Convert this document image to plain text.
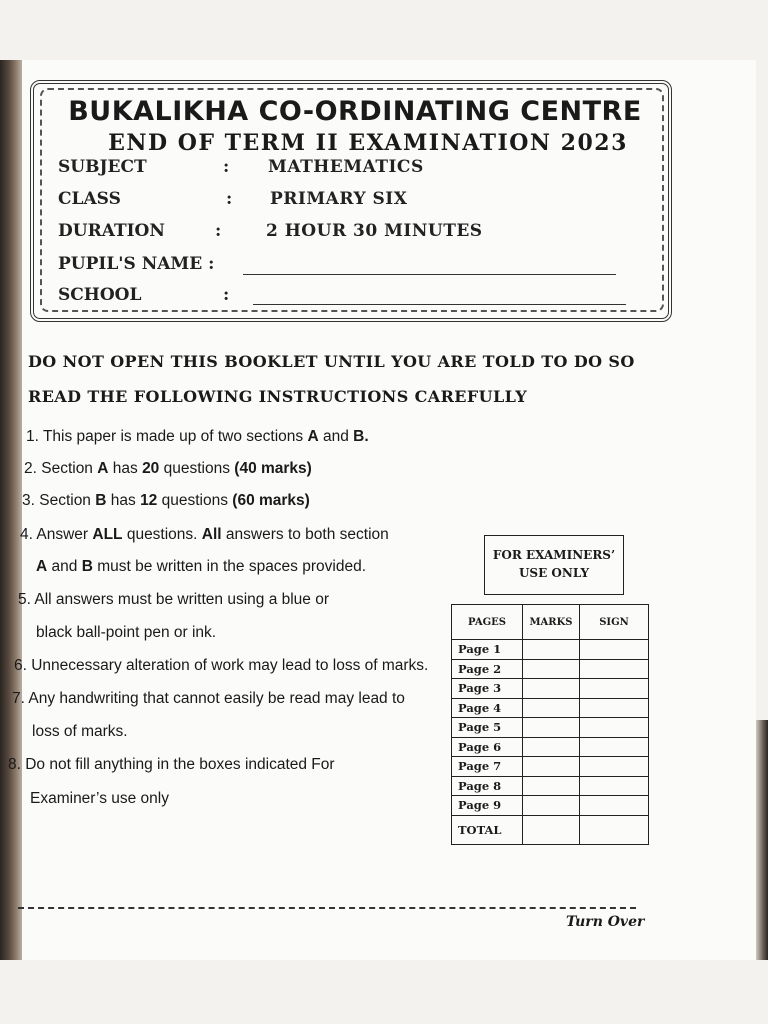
BUKALIKHA CO-ORDINATING CENTRE
END OF TERM II EXAMINATION 2023
SUBJECT	: MATHEMATICS
CLASS	: PRIMARY SIX
DURATION	:	2 HOUR 30 MINUTES
PUPIL'S NAME :
SCHOOL	:
DO NOT OPEN THIS BOOKLET UNTIL YOU ARE TOLD TO DO SO
READ THE FOLLOWING INSTRUCTIONS CAREFULLY
1. This paper is made up of two sections A and B.
2. Section A has 20 questions (40 marks)
3. Section B has 12 questions (60 marks)
4. Answer ALL questions. All answers to both section
A and B must be written in the spaces provided.
5. All answers must be written using a blue or
black ball-point pen or ink.
6. Unnecessary alteration of work may lead to loss of marks.
7. Any handwriting that cannot easily be read may lead to
loss of marks.
8. Do not fill anything in the boxes indicated For
Examiner’s use only
FOR EXAMINERS’
USE ONLY
PAGES	MARKS	SIGN
Page 1		
Page 2		
Page 3		
Page 4		
Page 5		
Page 6		
Page 7		
Page 8		
Page 9		
TOTAL		
Turn Over
